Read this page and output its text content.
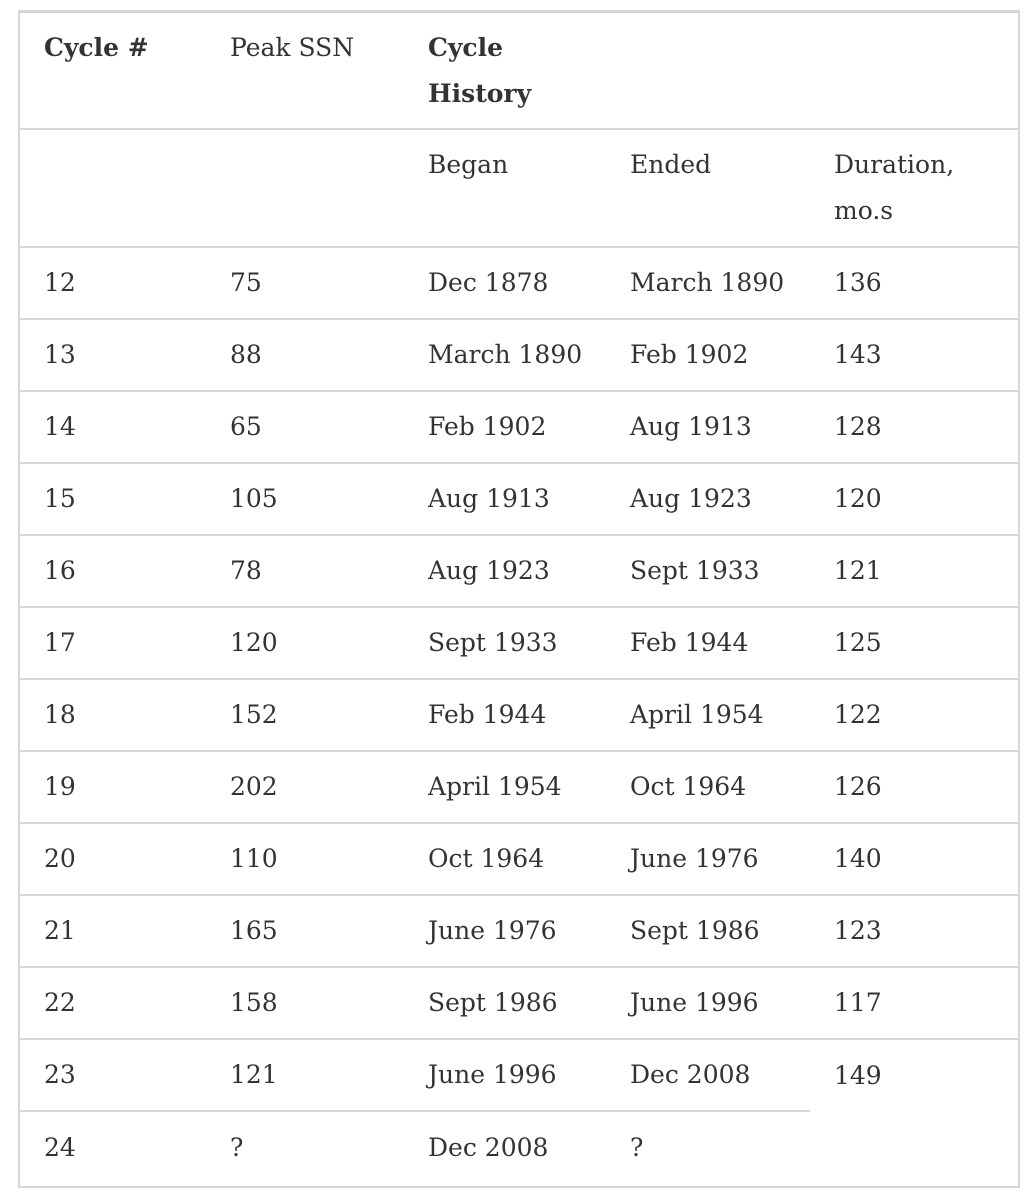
Cycle #	Peak SSN	Cycle History		
		Began	Ended	Duration, mo.s
12	75	Dec 1878	March 1890	136
13	88	March 1890	Feb 1902	143
14	65	Feb 1902	Aug 1913	128
15	105	Aug 1913	Aug 1923	120
16	78	Aug 1923	Sept 1933	121
17	120	Sept 1933	Feb 1944	125
18	152	Feb 1944	April 1954	122
19	202	April 1954	Oct 1964	126
20	110	Oct 1964	June 1976	140
21	165	June 1976	Sept 1986	123
22	158	Sept 1986	June 1996	117
23	121	June 1996	Dec 2008	149
24	?	Dec 2008	?	
